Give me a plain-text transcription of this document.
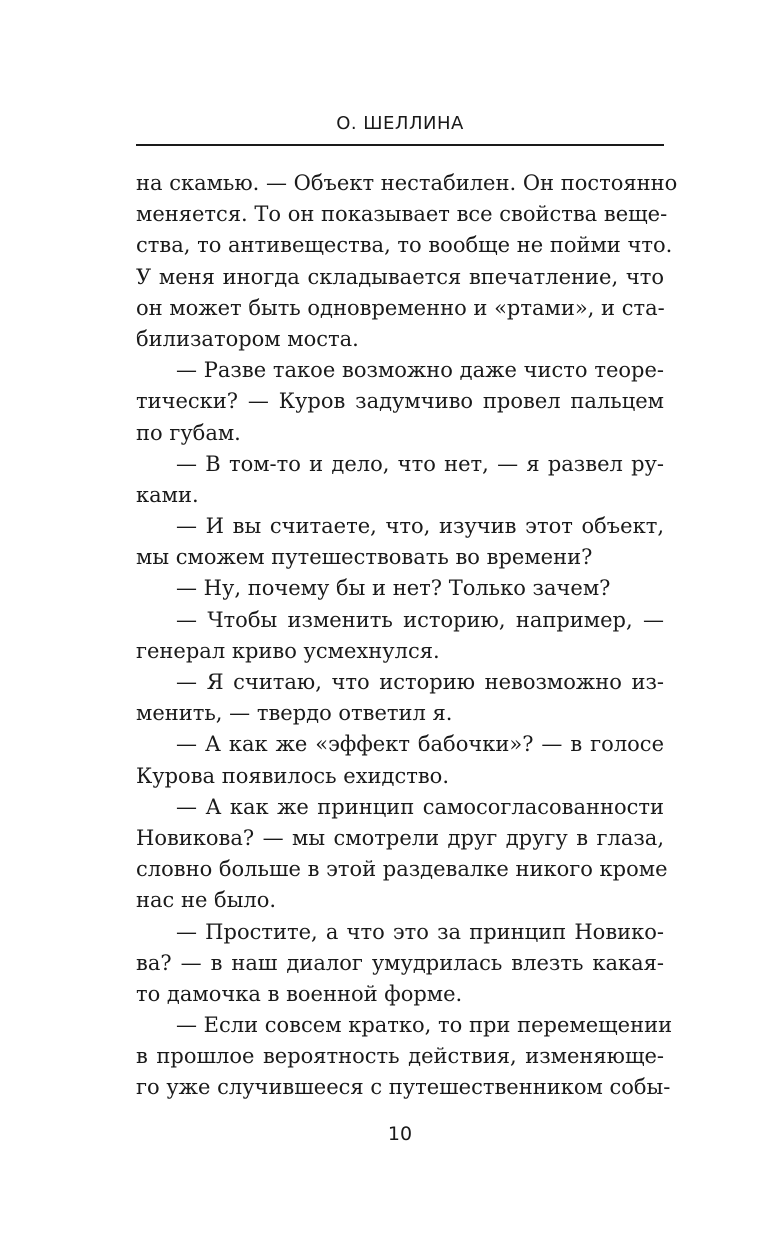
О. ШЕЛЛИНА
на скамью. — Объект нестабилен. Он постоянно
меняется. То он показывает все свойства веще-
ства, то антивещества, то вообще не пойми что.
У меня иногда складывается впечатление, что
он может быть одновременно и «ртами», и ста-
билизатором моста.
— Разве такое возможно даже чисто теоре-
тически? — Куров задумчиво провел пальцем
по губам.
— В том-то и дело, что нет, — я развел ру-
ками.
— И вы считаете, что, изучив этот объект,
мы сможем путешествовать во времени?
— Ну, почему бы и нет? Только зачем?
— Чтобы изменить историю, например, —
генерал криво усмехнулся.
— Я считаю, что историю невозможно из-
менить, — твердо ответил я.
— А как же «эффект бабочки»? — в голосе
Курова появилось ехидство.
— А как же принцип самосогласованности
Новикова? — мы смотрели друг другу в глаза,
словно больше в этой раздевалке никого кроме
нас не было.
— Простите, а что это за принцип Новико-
ва? — в наш диалог умудрилась влезть какая-
то дамочка в военной форме.
— Если совсем кратко, то при перемещении
в прошлое вероятность действия, изменяюще-
го уже случившееся с путешественником собы-
10
